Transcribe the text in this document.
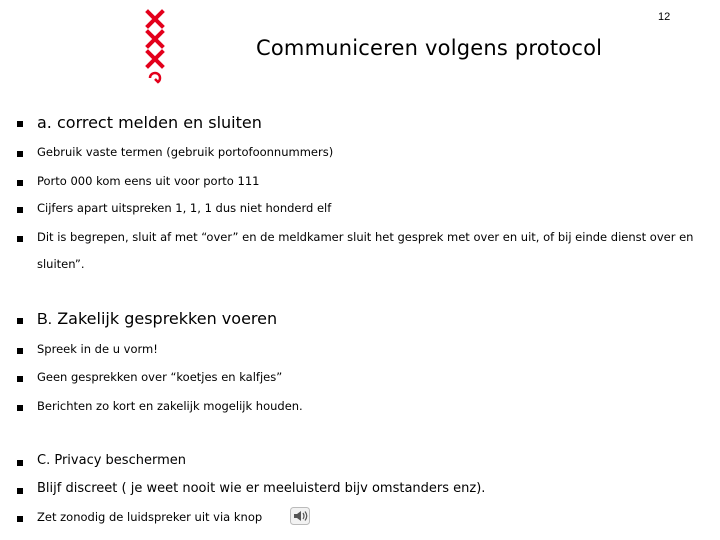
12
Communiceren volgens protocol
a. correct melden en sluiten
Gebruik vaste termen (gebruik portofoonnummers)
Porto 000 kom eens uit voor porto 111
Cijfers apart uitspreken 1, 1, 1 dus niet honderd elf
Dit is begrepen, sluit af met “over” en de meldkamer sluit het gesprek met over en uit, of bij einde dienst over en
sluiten”.
B. Zakelijk gesprekken voeren
Spreek in de u vorm!
Geen gesprekken over “koetjes en kalfjes”
Berichten zo kort en zakelijk mogelijk houden.
C. Privacy beschermen
Blijf discreet ( je weet nooit wie er meeluisterd bijv omstanders enz).
Zet zonodig de luidspreker uit via knop
